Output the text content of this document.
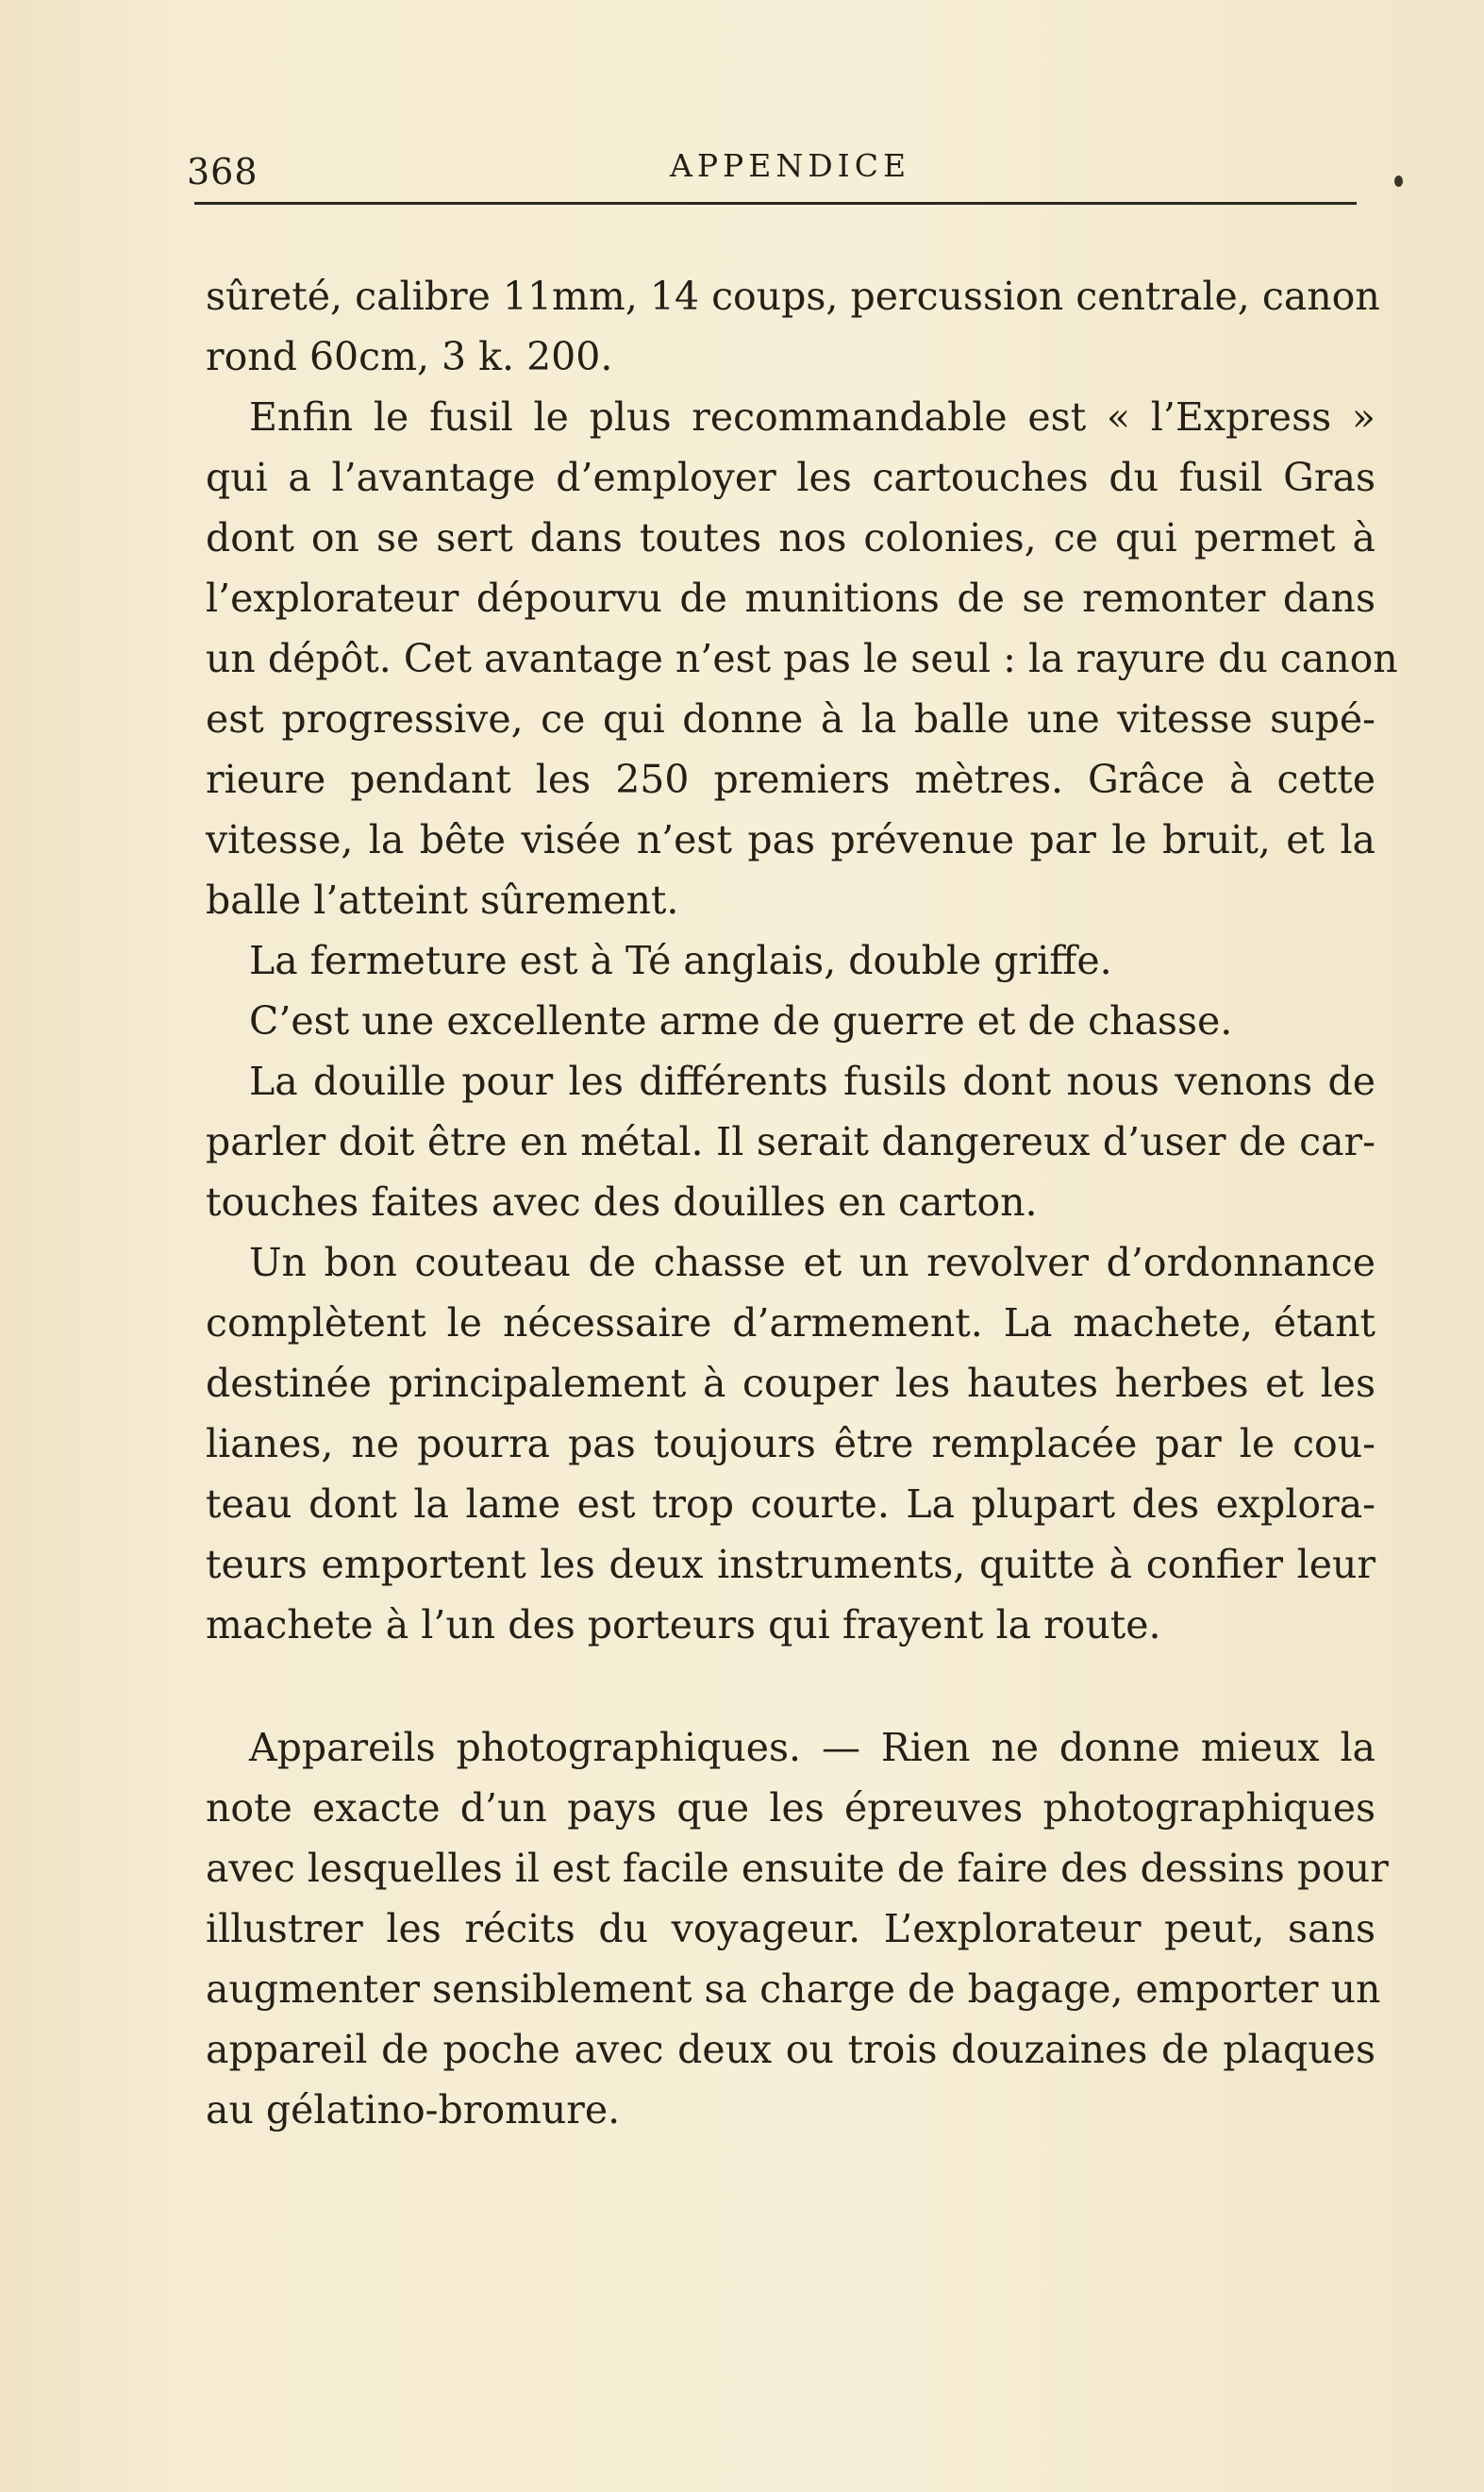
368	APPENDICE
sûreté, calibre 11mm, 14 coups, percussion centrale, canon
rond 60cm, 3 k. 200.
Enfin le fusil le plus recommandable est « l’Express »
qui a l’avantage d’employer les cartouches du fusil Gras
dont on se sert dans toutes nos colonies, ce qui permet à
l’explorateur dépourvu de munitions de se remonter dans
un dépôt. Cet avantage n’est pas le seul : la rayure du canon
est progressive, ce qui donne à la balle une vitesse supé-
rieure pendant les 250 premiers mètres. Grâce à cette
vitesse, la bête visée n’est pas prévenue par le bruit, et la
balle l’atteint sûrement.
La fermeture est à Té anglais, double griffe.
C’est une excellente arme de guerre et de chasse.
La douille pour les différents fusils dont nous venons de
parler doit être en métal. Il serait dangereux d’user de car-
touches faites avec des douilles en carton.
Un bon couteau de chasse et un revolver d’ordonnance
complètent le nécessaire d’armement. La machete, étant
destinée principalement à couper les hautes herbes et les
lianes, ne pourra pas toujours être remplacée par le cou-
teau dont la lame est trop courte. La plupart des explora-
teurs emportent les deux instruments, quitte à confier leur
machete à l’un des porteurs qui frayent la route.
Appareils photographiques. — Rien ne donne mieux la
note exacte d’un pays que les épreuves photographiques
avec lesquelles il est facile ensuite de faire des dessins pour
illustrer les récits du voyageur. L’explorateur peut, sans
augmenter sensiblement sa charge de bagage, emporter un
appareil de poche avec deux ou trois douzaines de plaques
au gélatino-bromure.
